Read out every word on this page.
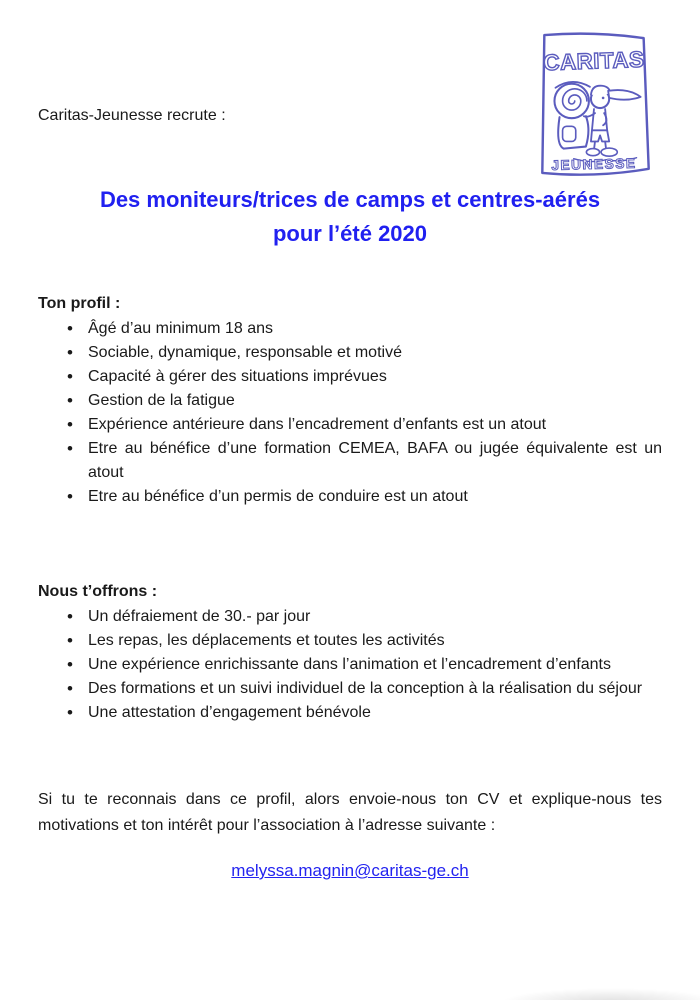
Caritas-Jeunesse recrute :
CARITAS
JEUNESSE
Des moniteurs/trices de camps et centres-aérés
pour l’été 2020
Ton profil :
• Âgé d’au minimum 18 ans
• Sociable, dynamique, responsable et motivé
• Capacité à gérer des situations imprévues
• Gestion de la fatigue
• Expérience antérieure dans l’encadrement d’enfants est un atout
• Etre au bénéfice d’une formation CEMEA, BAFA ou jugée équivalente est un atout
• Etre au bénéfice d’un permis de conduire est un atout
Nous t’offrons :
• Un défraiement de 30.- par jour
• Les repas, les déplacements et toutes les activités
• Une expérience enrichissante dans l’animation et l’encadrement d’enfants
• Des formations et un suivi individuel de la conception à la réalisation du séjour
• Une attestation d’engagement bénévole
Si tu te reconnais dans ce profil, alors envoie-nous ton CV et explique-nous tes motivations et ton intérêt pour l’association à l’adresse suivante :
melyssa.magnin@caritas-ge.ch
